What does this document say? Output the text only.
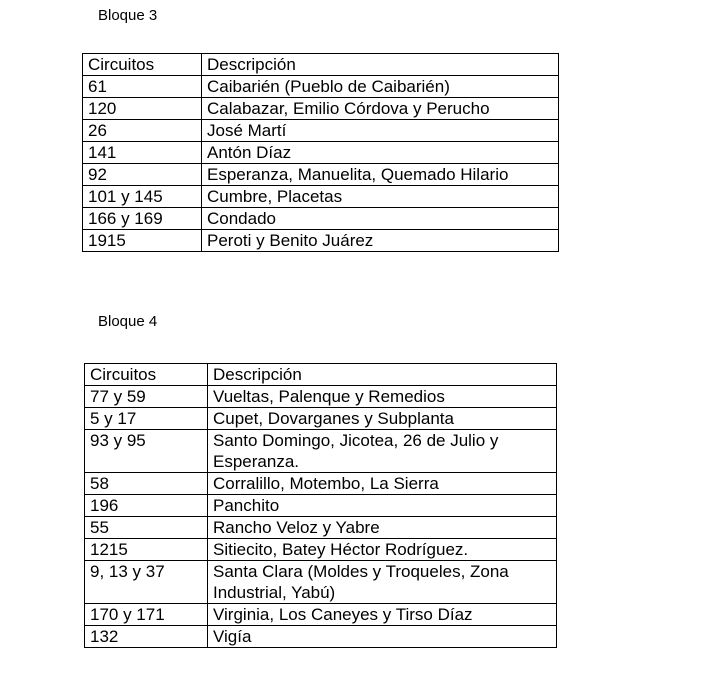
Bloque 3
Circuitos	Descripción
61	Caibarién (Pueblo de Caibarién)
120	Calabazar, Emilio Córdova y Perucho
26	José Martí
141	Antón Díaz
92	Esperanza, Manuelita, Quemado Hilario
101 y 145	Cumbre, Placetas
166 y 169	Condado
1915	Peroti y Benito Juárez
Bloque 4
Circuitos	Descripción
77 y 59	Vueltas, Palenque y Remedios
5 y 17	Cupet, Dovarganes y Subplanta
93 y 95	Santo Domingo, Jicotea, 26 de Julio y Esperanza.
58	Corralillo, Motembo, La Sierra
196	Panchito
55	Rancho Veloz y Yabre
1215	Sitiecito, Batey Héctor Rodríguez.
9, 13 y 37	Santa Clara (Moldes y Troqueles, Zona Industrial, Yabú)
170 y 171	Virginia, Los Caneyes y Tirso Díaz
132	Vigía
